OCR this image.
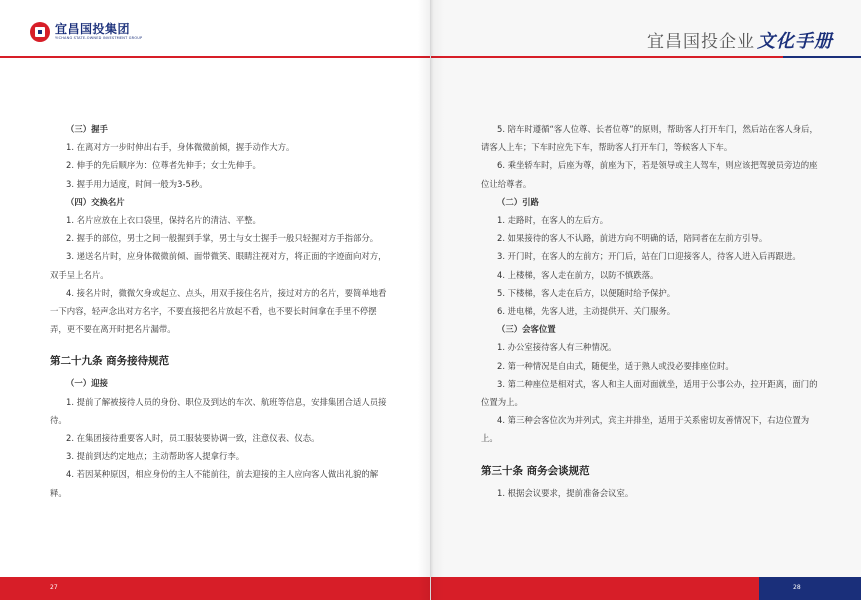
宜昌国投集团
YICHANG STATE-OWNED INVESTMENT GROUP

（三）握手

1. 在离对方一步时伸出右手，身体微微前倾，握手动作大方。

2. 伸手的先后顺序为：位尊者先伸手；女士先伸手。

3. 握手用力适度，时间一般为3-5秒。

（四）交换名片

1. 名片应放在上衣口袋里，保持名片的清洁、平整。

2. 握手的部位，男士之间一般握到手掌，男士与女士握手一般只轻握对方手指部分。

3. 递送名片时，应身体微微前倾、面带微笑、眼睛注视对方，将正面的字迹面向对方，双手呈上名片。

4. 接名片时，微微欠身或起立、点头，用双手接住名片，接过对方的名片，要简单地看一下内容，轻声念出对方名字，不要直接把名片放起不看，也不要长时间拿在手里不停摆弄，更不要在离开时把名片漏带。

第二十九条 商务接待规范

（一）迎接

1. 提前了解被接待人员的身份、职位及到达的车次、航班等信息，安排集团合适人员接待。

2. 在集团接待重要客人时，员工服装要协调一致，注意仪表、仪态。

3. 提前到达约定地点；主动帮助客人提拿行李。

4. 若因某种原因，相应身份的主人不能前往，前去迎接的主人应向客人做出礼貌的解释。

27
宜昌国投企业 文化手册

5. 陪车时遵循“客人位尊、长者位尊”的原则，帮助客人打开车门，然后站在客人身后，请客人上车；下车时应先下车，帮助客人打开车门，等候客人下车。

6. 乘坐轿车时，后座为尊，前座为下，若是领导或主人驾车，则应该把驾驶员旁边的座位让给尊者。

（二）引路

1. 走路时，在客人的左后方。

2. 如果接待的客人不认路，前进方向不明确的话，陪同者在左前方引导。

3. 开门时，在客人的左前方；开门后，站在门口迎接客人，待客人进入后再跟进。

4. 上楼梯，客人走在前方，以防不慎跌落。

5. 下楼梯，客人走在后方，以便随时给予保护。

6. 进电梯，先客人进，主动提供开、关门服务。

（三）会客位置

1. 办公室接待客人有三种情况。

2. 第一种情况是自由式，随便坐，适于熟人或没必要排座位时。

3. 第二种座位是相对式，客人和主人面对面就坐，适用于公事公办，拉开距离，面门的位置为上。

4. 第三种会客位次为并列式，宾主并排坐，适用于关系密切友善情况下，右边位置为上。

第三十条 商务会谈规范

1. 根据会议要求，提前准备会议室。

28
